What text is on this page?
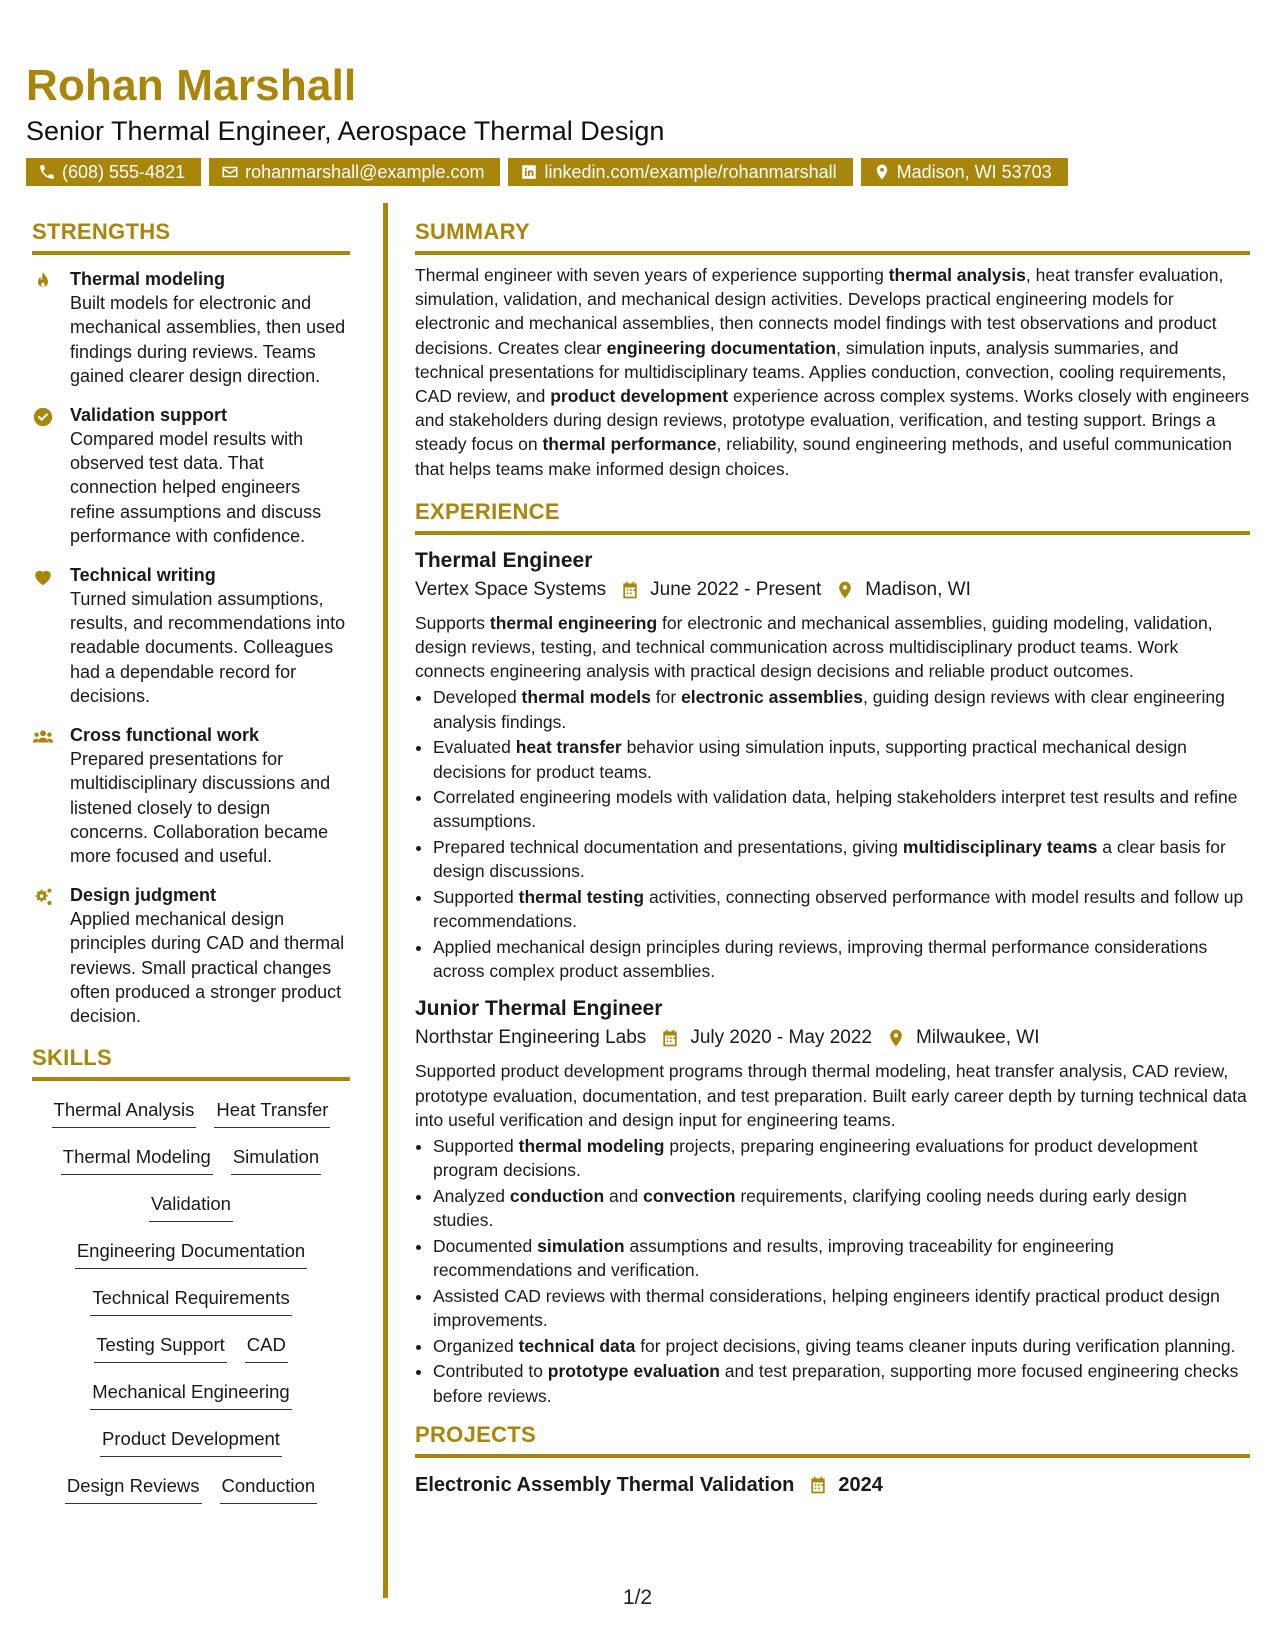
Rohan Marshall
Senior Thermal Engineer, Aerospace Thermal Design
(608) 555-4821	rohanmarshall@example.com	linkedin.com/example/rohanmarshall	Madison, WI 53703
STRENGTHS
Thermal modeling
Built models for electronic and mechanical assemblies, then used findings during reviews. Teams gained clearer design direction.
Validation support
Compared model results with observed test data. That connection helped engineers refine assumptions and discuss performance with confidence.
Technical writing
Turned simulation assumptions, results, and recommendations into readable documents. Colleagues had a dependable record for decisions.
Cross functional work
Prepared presentations for multidisciplinary discussions and listened closely to design concerns. Collaboration became more focused and useful.
Design judgment
Applied mechanical design principles during CAD and thermal reviews. Small practical changes often produced a stronger product decision.
SKILLS
Thermal Analysis Heat Transfer
Thermal Modeling Simulation
Validation
Engineering Documentation
Technical Requirements
Testing Support CAD
Mechanical Engineering
Product Development
Design Reviews Conduction
SUMMARY
Thermal engineer with seven years of experience supporting thermal analysis, heat transfer evaluation, simulation, validation, and mechanical design activities. Develops practical engineering models for electronic and mechanical assemblies, then connects model findings with test observations and product decisions. Creates clear engineering documentation, simulation inputs, analysis summaries, and technical presentations for multidisciplinary teams. Applies conduction, convection, cooling requirements, CAD review, and product development experience across complex systems. Works closely with engineers and stakeholders during design reviews, prototype evaluation, verification, and testing support. Brings a steady focus on thermal performance, reliability, sound engineering methods, and useful communication that helps teams make informed design choices.
EXPERIENCE
Thermal Engineer
Vertex Space Systems June 2022 - Present Madison, WI
Supports thermal engineering for electronic and mechanical assemblies, guiding modeling, validation, design reviews, testing, and technical communication across multidisciplinary product teams. Work connects engineering analysis with practical design decisions and reliable product outcomes.
• Developed thermal models for electronic assemblies, guiding design reviews with clear engineering analysis findings.
• Evaluated heat transfer behavior using simulation inputs, supporting practical mechanical design decisions for product teams.
• Correlated engineering models with validation data, helping stakeholders interpret test results and refine assumptions.
• Prepared technical documentation and presentations, giving multidisciplinary teams a clear basis for design discussions.
• Supported thermal testing activities, connecting observed performance with model results and follow up recommendations.
• Applied mechanical design principles during reviews, improving thermal performance considerations across complex product assemblies.
Junior Thermal Engineer
Northstar Engineering Labs July 2020 - May 2022 Milwaukee, WI
Supported product development programs through thermal modeling, heat transfer analysis, CAD review, prototype evaluation, documentation, and test preparation. Built early career depth by turning technical data into useful verification and design input for engineering teams.
• Supported thermal modeling projects, preparing engineering evaluations for product development program decisions.
• Analyzed conduction and convection requirements, clarifying cooling needs during early design studies.
• Documented simulation assumptions and results, improving traceability for engineering recommendations and verification.
• Assisted CAD reviews with thermal considerations, helping engineers identify practical product design improvements.
• Organized technical data for project decisions, giving teams cleaner inputs during verification planning.
• Contributed to prototype evaluation and test preparation, supporting more focused engineering checks before reviews.
PROJECTS
Electronic Assembly Thermal Validation 2024
1/2
